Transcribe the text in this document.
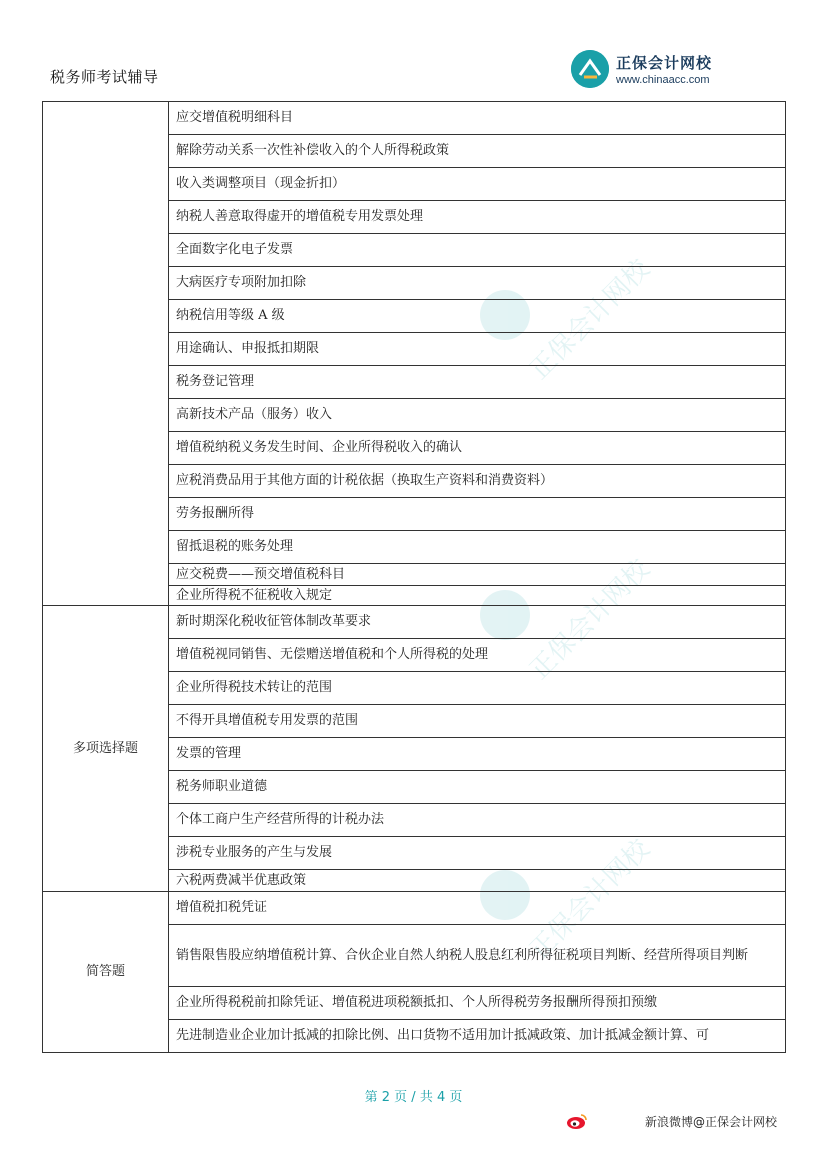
正保会计网校
正保会计网校
正保会计网校
税务师考试辅导
正保会计网校
www.chinaacc.com
	应交增值税明细科目
	解除劳动关系一次性补偿收入的个人所得税政策
	收入类调整项目（现金折扣）
	纳税人善意取得虚开的增值税专用发票处理
	全面数字化电子发票
	大病医疗专项附加扣除
	纳税信用等级 A 级
	用途确认、申报抵扣期限
	税务登记管理
	高新技术产品（服务）收入
	增值税纳税义务发生时间、企业所得税收入的确认
	应税消费品用于其他方面的计税依据（换取生产资料和消费资料）
	劳务报酬所得
	留抵退税的账务处理
	应交税费——预交增值税科目
	企业所得税不征税收入规定
多项选择题	新时期深化税收征管体制改革要求
	增值税视同销售、无偿赠送增值税和个人所得税的处理
	企业所得税技术转让的范围
	不得开具增值税专用发票的范围
	发票的管理
	税务师职业道德
	个体工商户生产经营所得的计税办法
	涉税专业服务的产生与发展
	六税两费减半优惠政策
简答题	增值税扣税凭证
	销售限售股应纳增值税计算、合伙企业自然人纳税人股息红利所得征税项目判断、经营所得项目判断
	企业所得税税前扣除凭证、增值税进项税额抵扣、个人所得税劳务报酬所得预扣预缴
	先进制造业企业加计抵减的扣除比例、出口货物不适用加计抵减政策、加计抵减金额计算、可
第 2 页 / 共 4 页
新浪微博@正保会计网校
